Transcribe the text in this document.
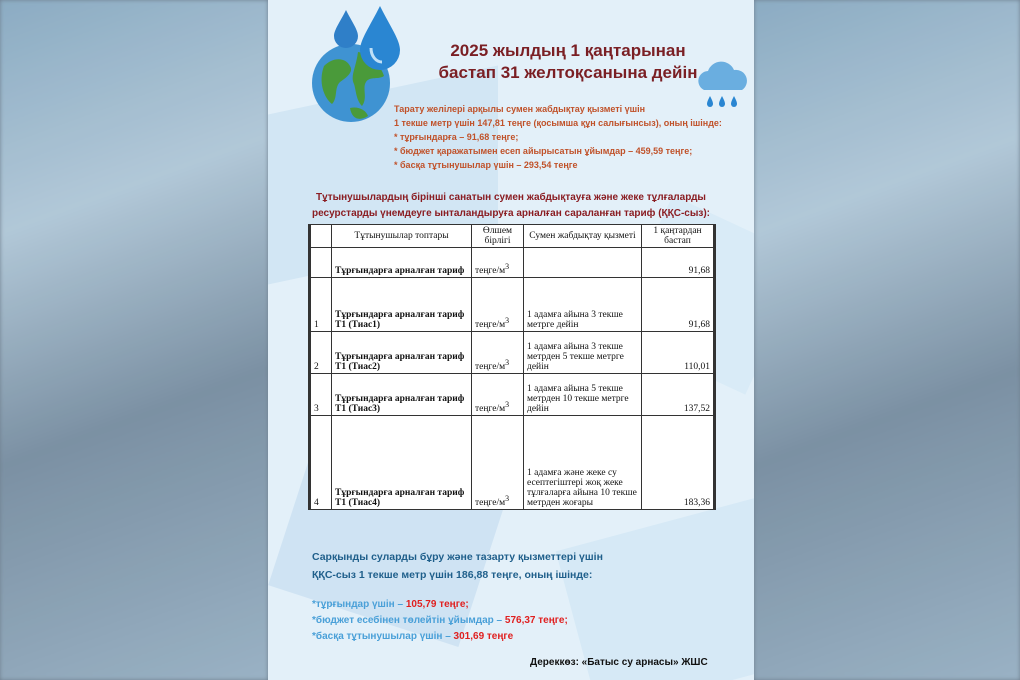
2025 жылдың 1 қаңтарынан
бастап 31 желтоқсанына дейін
Тарату желілері арқылы сумен жабдықтау қызметі үшін
1 текше метр үшін 147,81 теңге (қосымша құн салығынсыз), оның ішінде:
* тұрғындарға – 91,68 теңге;
* бюджет қаражатымен есеп айырысатын ұйымдар – 459,59 теңге;
* басқа тұтынушылар үшін – 293,54 теңге
Тұтынушылардың бірінші санатын сумен жабдықтауға және жеке тұлғаларды
ресурстарды үнемдеуге ынталандыруға арналған сараланған тариф (ҚҚС-сыз):
	Тұтынушылар топтары	Өлшем бірлігі	Сумен жабдықтау қызметі	1 қаңтардан бастап
	Тұрғындарға арналған тариф	теңге/$м^3$		91,68
1	Тұрғындарға арналған тариф Т1 (Тиас1)	теңге/$м^3$	1 адамға айына 3 текше метрге дейін	91,68
2	Тұрғындарға арналған тариф Т1 (Тиас2)	теңге/$м^3$	1 адамға айына 3 текше метрден 5 текше метрге дейін	110,01
3	Тұрғындарға арналған тариф Т1 (Тиас3)	теңге/$м^3$	1 адамға айына 5 текше метрден 10 текше метрге дейін	137,52
4	Тұрғындарға арналған тариф Т1 (Тиас4)	теңге/$м^3$	1 адамға және жеке су есептегіштері жоқ жеке тұлғаларға айына 10 текше метрден жоғары	183,36
Сарқынды суларды бұру және тазарту қызметтері үшін
ҚҚС-сыз 1 текше метр үшін 186,88 теңге, оның ішінде:
*тұрғындар үшін – 105,79 теңге;
*бюджет есебінен төлейтін ұйымдар – 576,37 теңге;
*басқа тұтынушылар үшін – 301,69 теңге
Дереккөз: «Батыс су арнасы» ЖШС
